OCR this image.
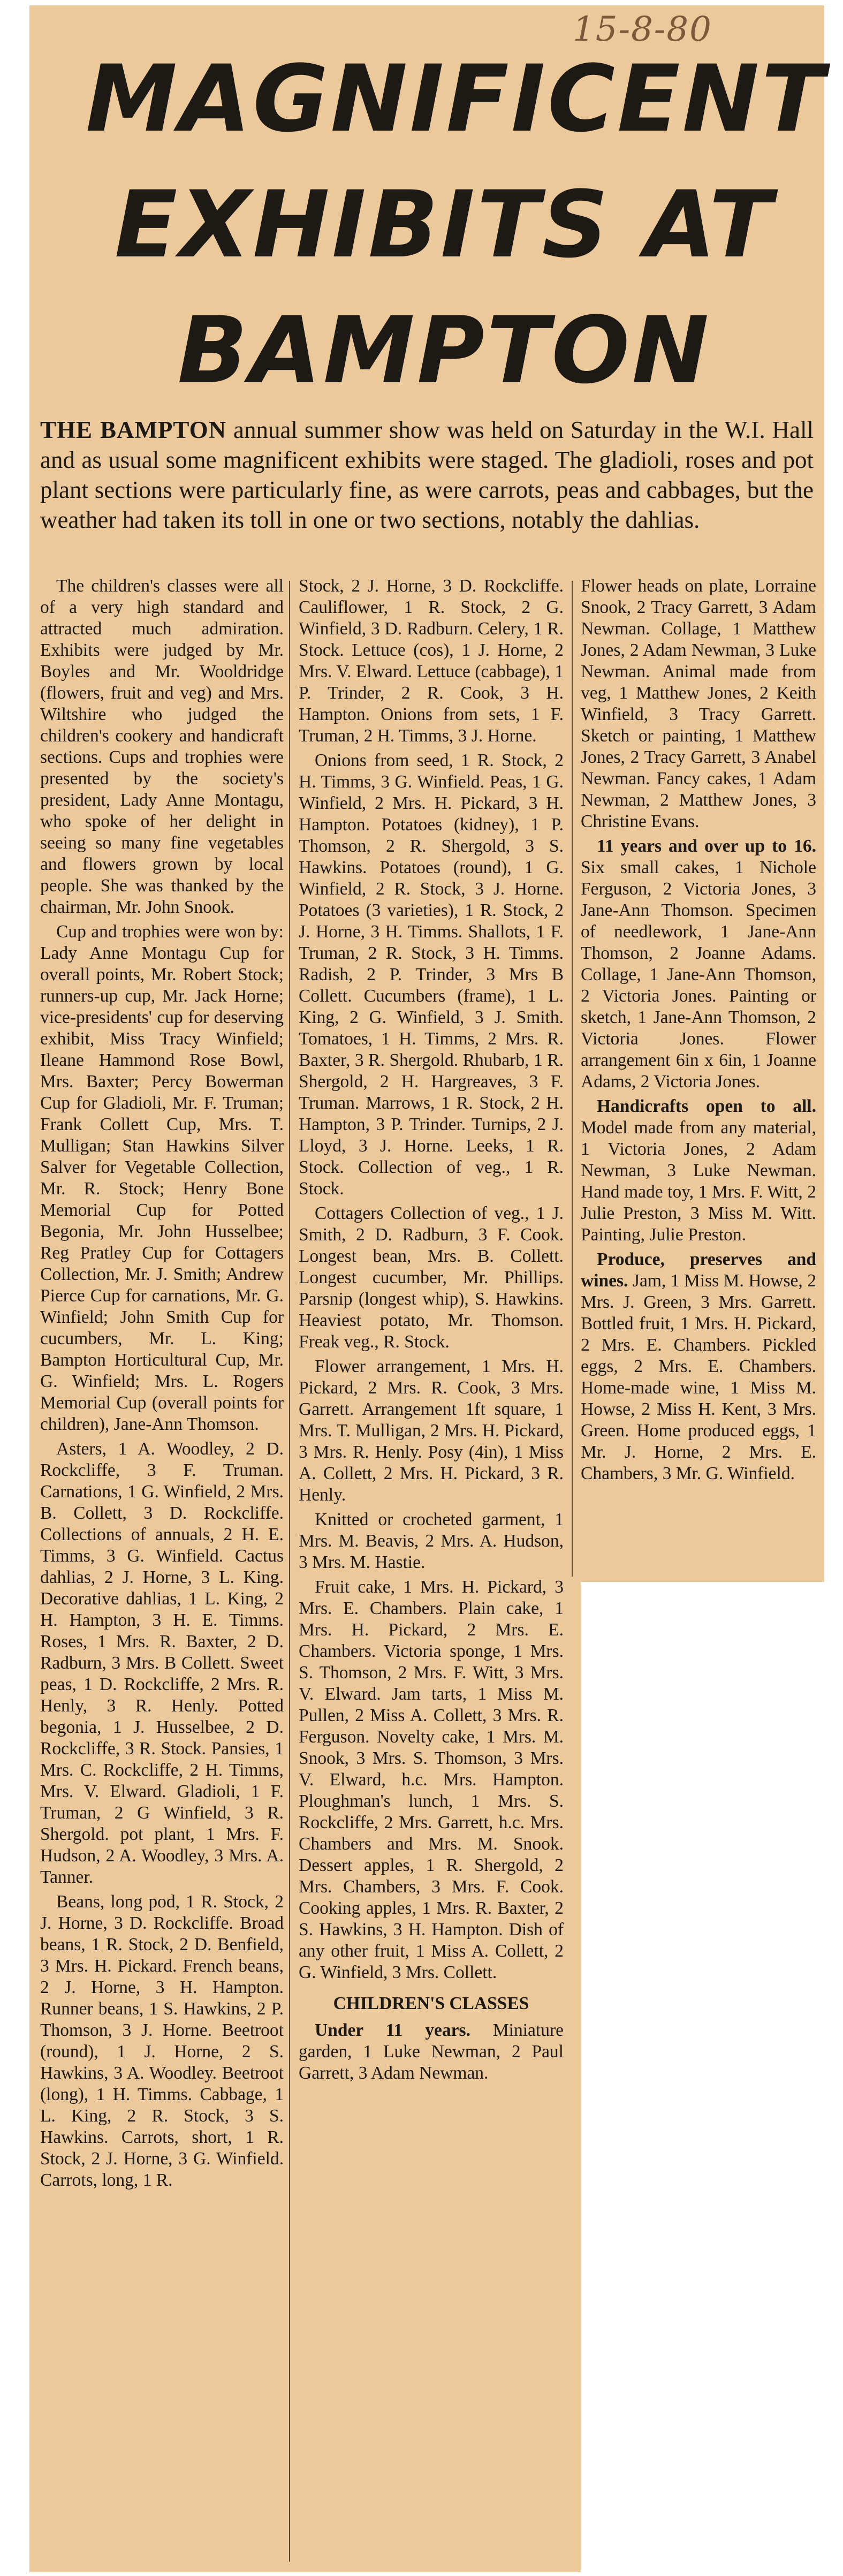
15-8-80
MAGNIFICENT
EXHIBITS AT
BAMPTON

THE BAMPTON annual summer show was held on Saturday in the W.I. Hall and as usual some magnificent exhibits were staged. The gladioli, roses and pot plant sections were particularly fine, as were carrots, peas and cabbages, but the weather had taken its toll in one or two sections, notably the dahlias.

The children's classes were all of a very high standard and attracted much admiration. Exhibits were judged by Mr. Boyles and Mr. Wooldridge (flowers, fruit and veg) and Mrs. Wiltshire who judged the children's cookery and handicraft sections. Cups and trophies were presented by the society's president, Lady Anne Montagu, who spoke of her delight in seeing so many fine vegetables and flowers grown by local people. She was thanked by the chairman, Mr. John Snook.

Cup and trophies were won by: Lady Anne Montagu Cup for overall points, Mr. Robert Stock; runners-up cup, Mr. Jack Horne; vice-presidents' cup for deserving exhibit, Miss Tracy Winfield; Ileane Hammond Rose Bowl, Mrs. Baxter; Percy Bowerman Cup for Gladioli, Mr. F. Truman; Frank Collett Cup, Mrs. T. Mulligan; Stan Hawkins Silver Salver for Vegetable Collection, Mr. R. Stock; Henry Bone Memorial Cup for Potted Begonia, Mr. John Husselbee; Reg Pratley Cup for Cottagers Collection, Mr. J. Smith; Andrew Pierce Cup for carnations, Mr. G. Winfield; John Smith Cup for cucumbers, Mr. L. King; Bampton Horticultural Cup, Mr. G. Winfield; Mrs. L. Rogers Memorial Cup (overall points for children), Jane-Ann Thomson.

Asters, 1 A. Woodley, 2 D. Rockcliffe, 3 F. Truman. Carnations, 1 G. Winfield, 2 Mrs. B. Collett, 3 D. Rockcliffe. Collections of annuals, 2 H. E. Timms, 3 G. Winfield. Cactus dahlias, 2 J. Horne, 3 L. King. Decorative dahlias, 1 L. King, 2 H. Hampton, 3 H. E. Timms. Roses, 1 Mrs. R. Baxter, 2 D. Radburn, 3 Mrs. B Collett. Sweet peas, 1 D. Rockcliffe, 2 Mrs. R. Henly, 3 R. Henly. Potted begonia, 1 J. Husselbee, 2 D. Rockcliffe, 3 R. Stock. Pansies, 1 Mrs. C. Rockcliffe, 2 H. Timms, Mrs. V. Elward. Gladioli, 1 F. Truman, 2 G Winfield, 3 R. Shergold. pot plant, 1 Mrs. F. Hudson, 2 A. Woodley, 3 Mrs. A. Tanner.

Beans, long pod, 1 R. Stock, 2 J. Horne, 3 D. Rockcliffe. Broad beans, 1 R. Stock, 2 D. Benfield, 3 Mrs. H. Pickard. French beans, 2 J. Horne, 3 H. Hampton. Runner beans, 1 S. Hawkins, 2 P. Thomson, 3 J. Horne. Beetroot (round), 1 J. Horne, 2 S. Hawkins, 3 A. Woodley. Beetroot (long), 1 H. Timms. Cabbage, 1 L. King, 2 R. Stock, 3 S. Hawkins. Carrots, short, 1 R. Stock, 2 J. Horne, 3 G. Winfield. Carrots, long, 1 R.

Stock, 2 J. Horne, 3 D. Rockcliffe. Cauliflower, 1 R. Stock, 2 G. Winfield, 3 D. Radburn. Celery, 1 R. Stock. Lettuce (cos), 1 J. Horne, 2 Mrs. V. Elward. Lettuce (cabbage), 1 P. Trinder, 2 R. Cook, 3 H. Hampton. Onions from sets, 1 F. Truman, 2 H. Timms, 3 J. Horne.

Onions from seed, 1 R. Stock, 2 H. Timms, 3 G. Winfield. Peas, 1 G. Winfield, 2 Mrs. H. Pickard, 3 H. Hampton. Potatoes (kidney), 1 P. Thomson, 2 R. Shergold, 3 S. Hawkins. Potatoes (round), 1 G. Winfield, 2 R. Stock, 3 J. Horne. Potatoes (3 varieties), 1 R. Stock, 2 J. Horne, 3 H. Timms. Shallots, 1 F. Truman, 2 R. Stock, 3 H. Timms. Radish, 2 P. Trinder, 3 Mrs B Collett. Cucumbers (frame), 1 L. King, 2 G. Winfield, 3 J. Smith. Tomatoes, 1 H. Timms, 2 Mrs. R. Baxter, 3 R. Shergold. Rhubarb, 1 R. Shergold, 2 H. Hargreaves, 3 F. Truman. Marrows, 1 R. Stock, 2 H. Hampton, 3 P. Trinder. Turnips, 2 J. Lloyd, 3 J. Horne. Leeks, 1 R. Stock. Collection of veg., 1 R. Stock.

Cottagers Collection of veg., 1 J. Smith, 2 D. Radburn, 3 F. Cook. Longest bean, Mrs. B. Collett. Longest cucumber, Mr. Phillips. Parsnip (longest whip), S. Hawkins. Heaviest potato, Mr. Thomson. Freak veg., R. Stock.

Flower arrangement, 1 Mrs. H. Pickard, 2 Mrs. R. Cook, 3 Mrs. Garrett. Arrangement 1ft square, 1 Mrs. T. Mulligan, 2 Mrs. H. Pickard, 3 Mrs. R. Henly. Posy (4in), 1 Miss A. Collett, 2 Mrs. H. Pickard, 3 R. Henly.

Knitted or crocheted garment, 1 Mrs. M. Beavis, 2 Mrs. A. Hudson, 3 Mrs. M. Hastie.

Fruit cake, 1 Mrs. H. Pickard, 3 Mrs. E. Chambers. Plain cake, 1 Mrs. H. Pickard, 2 Mrs. E. Chambers. Victoria sponge, 1 Mrs. S. Thomson, 2 Mrs. F. Witt, 3 Mrs. V. Elward. Jam tarts, 1 Miss M. Pullen, 2 Miss A. Collett, 3 Mrs. R. Ferguson. Novelty cake, 1 Mrs. M. Snook, 3 Mrs. S. Thomson, 3 Mrs. V. Elward, h.c. Mrs. Hampton. Ploughman's lunch, 1 Mrs. S. Rockcliffe, 2 Mrs. Garrett, h.c. Mrs. Chambers and Mrs. M. Snook. Dessert apples, 1 R. Shergold, 2 Mrs. Chambers, 3 Mrs. F. Cook. Cooking apples, 1 Mrs. R. Baxter, 2 S. Hawkins, 3 H. Hampton. Dish of any other fruit, 1 Miss A. Collett, 2 G. Winfield, 3 Mrs. Collett.

CHILDREN'S CLASSES

Under 11 years. Miniature garden, 1 Luke Newman, 2 Paul Garrett, 3 Adam Newman.

Flower heads on plate, Lorraine Snook, 2 Tracy Garrett, 3 Adam Newman. Collage, 1 Matthew Jones, 2 Adam Newman, 3 Luke Newman. Animal made from veg, 1 Matthew Jones, 2 Keith Winfield, 3 Tracy Garrett. Sketch or painting, 1 Matthew Jones, 2 Tracy Garrett, 3 Anabel Newman. Fancy cakes, 1 Adam Newman, 2 Matthew Jones, 3 Christine Evans.

11 years and over up to 16. Six small cakes, 1 Nichole Ferguson, 2 Victoria Jones, 3 Jane-Ann Thomson. Specimen of needlework, 1 Jane-Ann Thomson, 2 Joanne Adams. Collage, 1 Jane-Ann Thomson, 2 Victoria Jones. Painting or sketch, 1 Jane-Ann Thomson, 2 Victoria Jones. Flower arrangement 6in x 6in, 1 Joanne Adams, 2 Victoria Jones.

Handicrafts open to all. Model made from any material, 1 Victoria Jones, 2 Adam Newman, 3 Luke Newman. Hand made toy, 1 Mrs. F. Witt, 2 Julie Preston, 3 Miss M. Witt. Painting, Julie Preston.

Produce, preserves and wines. Jam, 1 Miss M. Howse, 2 Mrs. J. Green, 3 Mrs. Garrett. Bottled fruit, 1 Mrs. H. Pickard, 2 Mrs. E. Chambers. Pickled eggs, 2 Mrs. E. Chambers. Home-made wine, 1 Miss M. Howse, 2 Miss H. Kent, 3 Mrs. Green. Home produced eggs, 1 Mr. J. Horne, 2 Mrs. E. Chambers, 3 Mr. G. Winfield.
